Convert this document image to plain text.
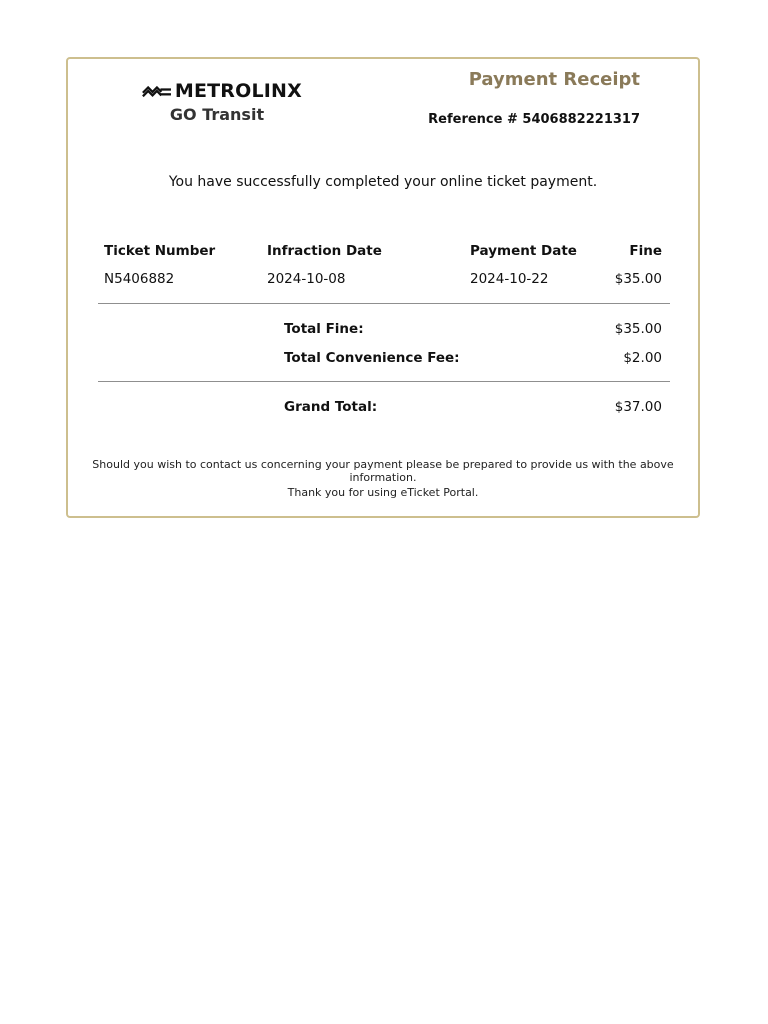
METROLINX
GO Transit
Payment Receipt
Reference # 5406882221317
You have successfully completed your online ticket payment.
Ticket Number	Infraction Date	Payment Date	Fine
N5406882	2024-10-08	2024-10-22	$35.00
Total Fine:	$35.00
Total Convenience Fee:	$2.00
Grand Total:	$37.00
Should you wish to contact us concerning your payment please be prepared to provide us with the above information.
Thank you for using eTicket Portal.
